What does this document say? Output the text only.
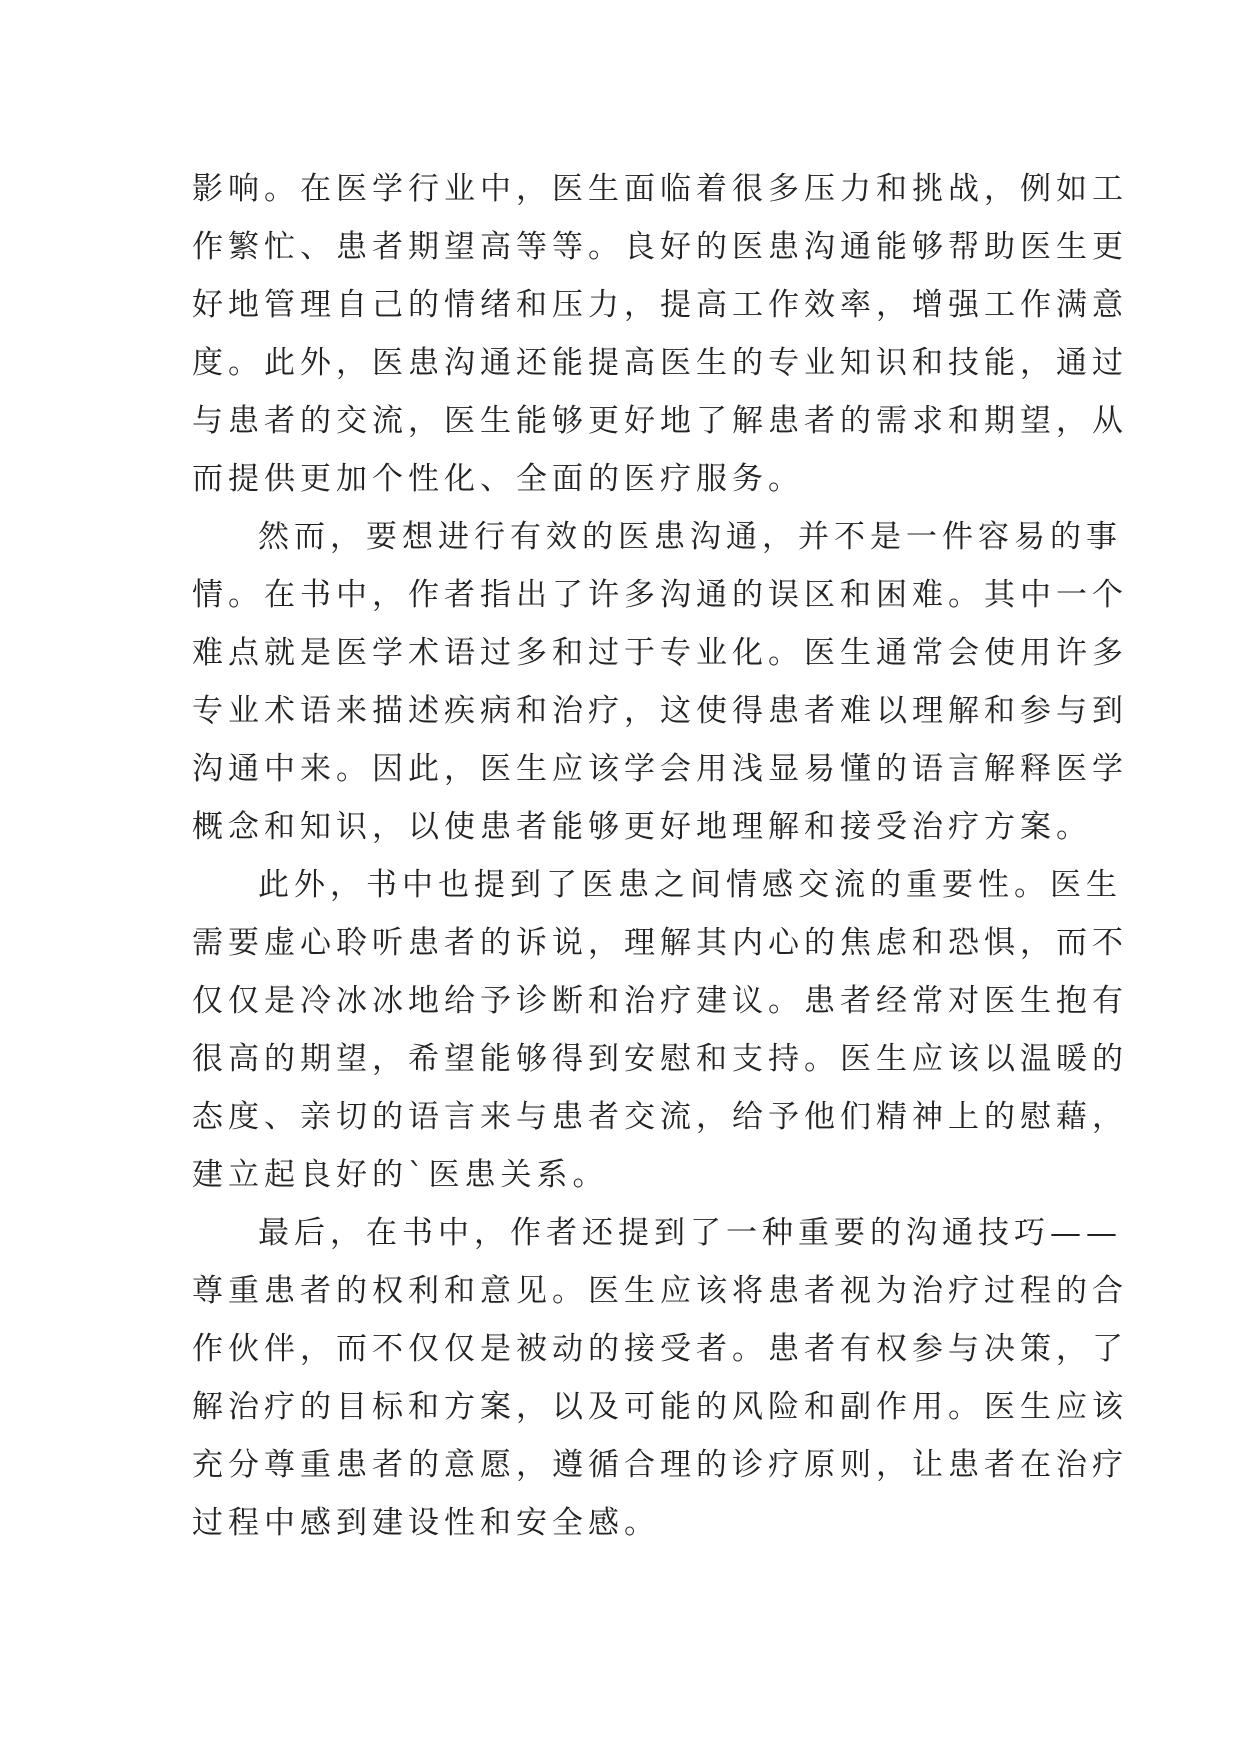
影响。在医学行业中，医生面临着很多压力和挑战，例如工
作繁忙、患者期望高等等。良好的医患沟通能够帮助医生更
好地管理自己的情绪和压力，提高工作效率，增强工作满意
度。此外，医患沟通还能提高医生的专业知识和技能，通过
与患者的交流，医生能够更好地了解患者的需求和期望，从
而提供更加个性化、全面的医疗服务。
然而，要想进行有效的医患沟通，并不是一件容易的事
情。在书中，作者指出了许多沟通的误区和困难。其中一个
难点就是医学术语过多和过于专业化。医生通常会使用许多
专业术语来描述疾病和治疗，这使得患者难以理解和参与到
沟通中来。因此，医生应该学会用浅显易懂的语言解释医学
概念和知识，以使患者能够更好地理解和接受治疗方案。
此外，书中也提到了医患之间情感交流的重要性。医生
需要虚心聆听患者的诉说，理解其内心的焦虑和恐惧，而不
仅仅是冷冰冰地给予诊断和治疗建议。患者经常对医生抱有
很高的期望，希望能够得到安慰和支持。医生应该以温暖的
态度、亲切的语言来与患者交流，给予他们精神上的慰藉，
建立起良好的`医患关系。
最后，在书中，作者还提到了一种重要的沟通技巧——
尊重患者的权利和意见。医生应该将患者视为治疗过程的合
作伙伴，而不仅仅是被动的接受者。患者有权参与决策，了
解治疗的目标和方案，以及可能的风险和副作用。医生应该
充分尊重患者的意愿，遵循合理的诊疗原则，让患者在治疗
过程中感到建设性和安全感。
